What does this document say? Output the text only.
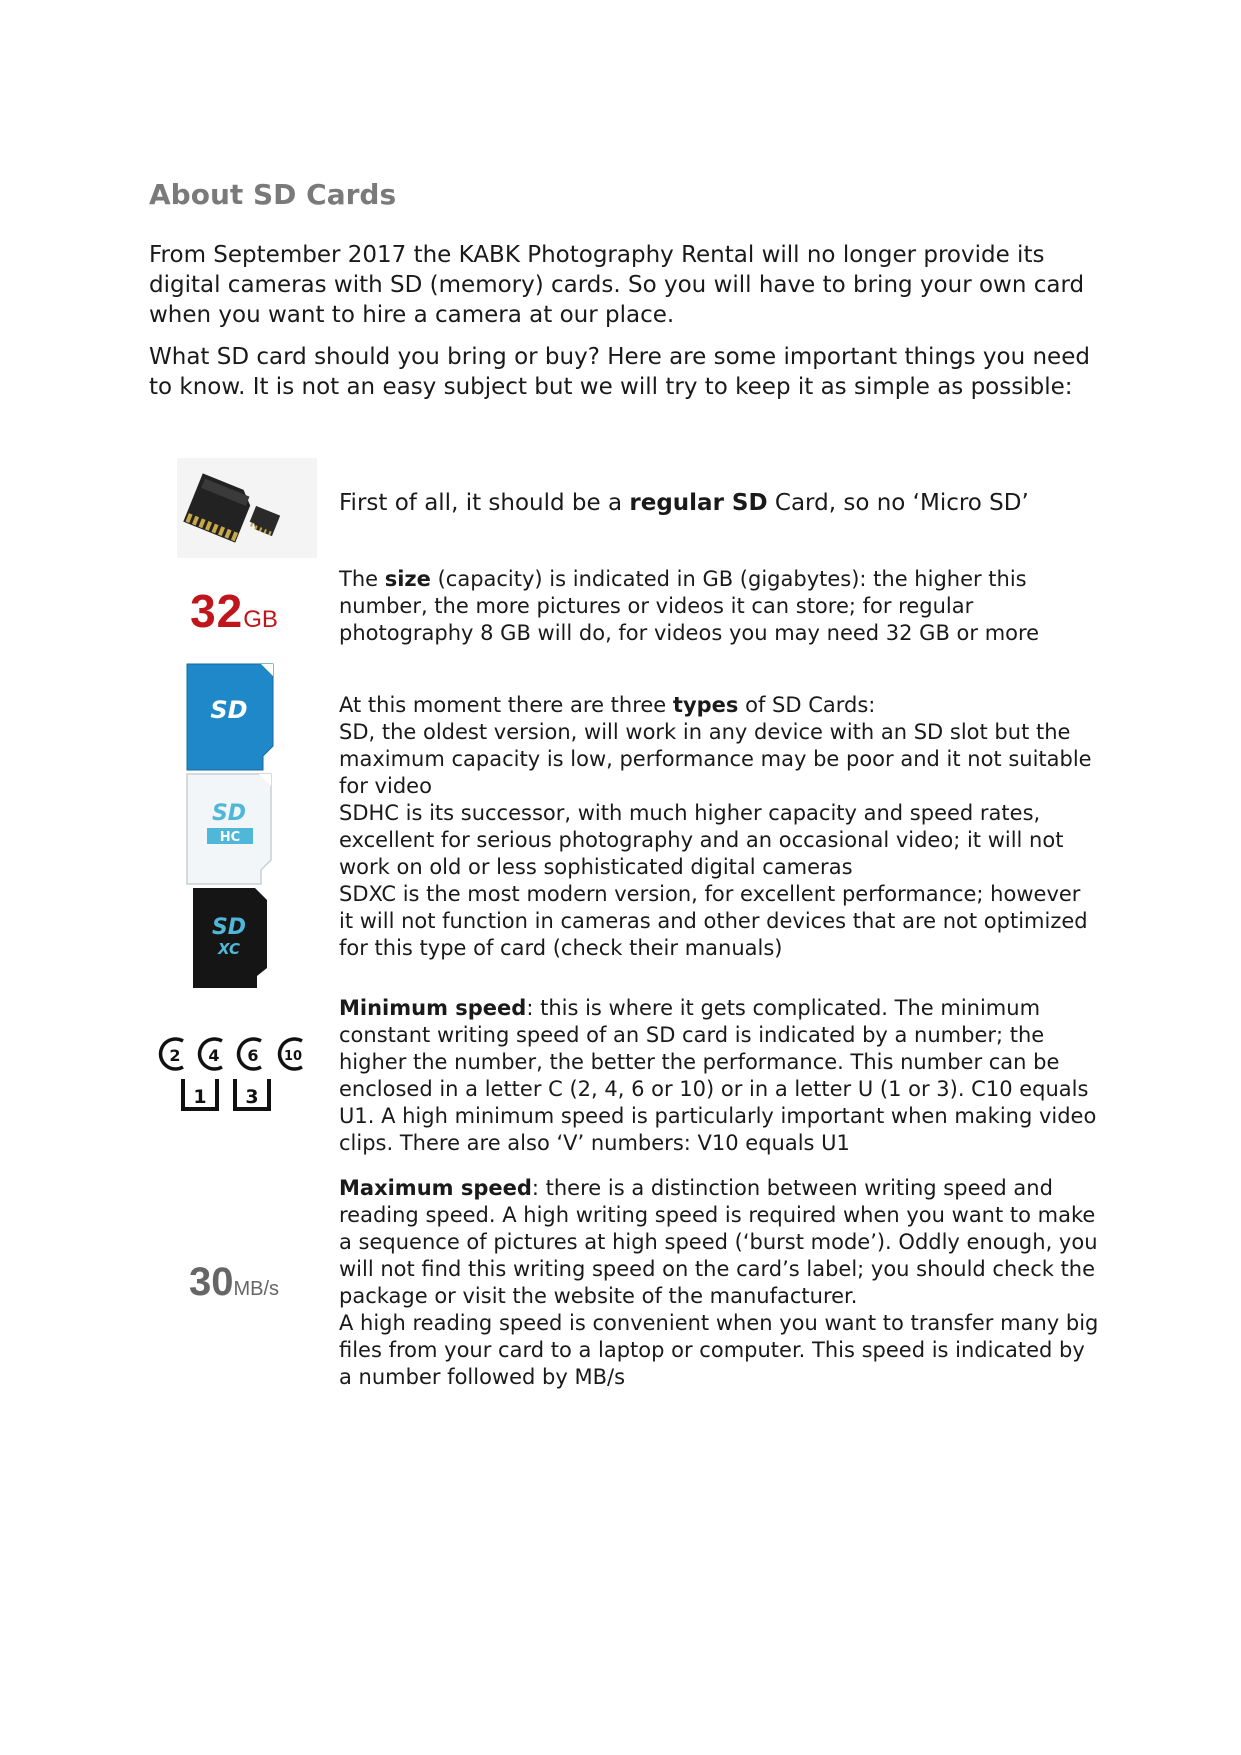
About SD Cards

From September 2017 the KABK Photography Rental will no longer provide its digital cameras with SD (memory) cards. So you will have to bring your own card when you want to hire a camera at our place.

What SD card should you bring or buy? Here are some important things you need to know. It is not an easy subject but we will try to keep it as simple as possible:

First of all, it should be a regular SD Card, so no ‘Micro SD’

32GB
The size (capacity) is indicated in GB (gigabytes): the higher this number, the more pictures or videos it can store; for regular photography 8 GB will do, for videos you may need 32 GB or more
SD
SD
HC
SD
XC

At this moment there are three types of SD Cards:

SD, the oldest version, will work in any device with an SD slot but the maximum capacity is low, performance may be poor and it not suitable for video

SDHC is its successor, with much higher capacity and speed rates, excellent for serious photography and an occasional video; it will not work on old or less sophisticated digital cameras

SDXC is the most modern version, for excellent performance; however it will not function in cameras and other devices that are not optimized for this type of card (check their manuals)

2 4 6 10
1 3
Minimum speed: this is where it gets complicated. The minimum constant writing speed of an SD card is indicated by a number; the higher the number, the better the performance. This number can be enclosed in a letter C (2, 4, 6 or 10) or in a letter U (1 or 3). C10 equals U1. A high minimum speed is particularly important when making video clips. There are also ‘V’ numbers: V10 equals U1
30MB/s

Maximum speed: there is a distinction between writing speed and reading speed. A high writing speed is required when you want to make a sequence of pictures at high speed (‘burst mode’). Oddly enough, you will not find this writing speed on the card’s label; you should check the package or visit the website of the manufacturer.

A high reading speed is convenient when you want to transfer many big files from your card to a laptop or computer. This speed is indicated by a number followed by MB/s
